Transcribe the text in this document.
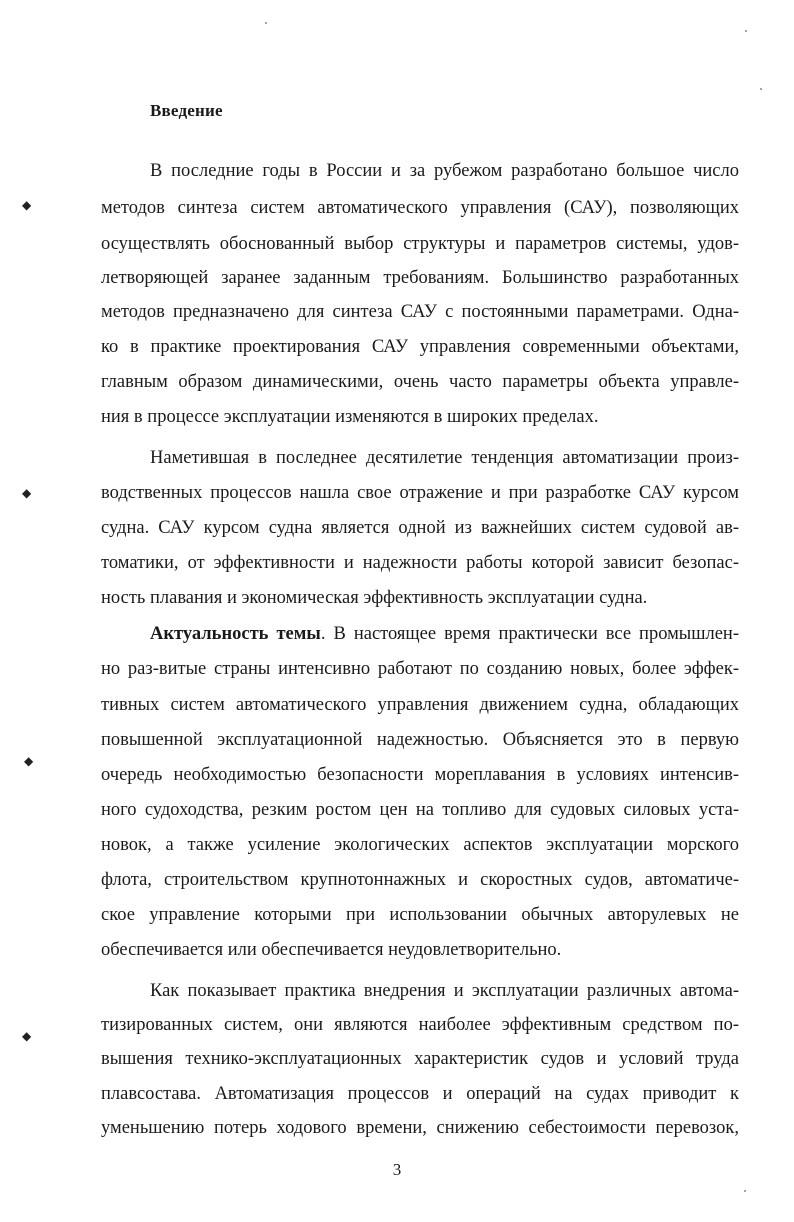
◆
◆
◆
◆
Введение
В последние годы в России и за рубежом разработано большое число
методов синтеза систем автоматического управления (САУ), позволяющих
осуществлять обоснованный выбор структуры и параметров системы, удов-
летворяющей заранее заданным требованиям. Большинство разработанных
методов предназначено для синтеза САУ с постоянными параметрами. Одна-
ко в практике проектирования САУ управления современными объектами,
главным образом динамическими, очень часто параметры объекта управле-
ния в процессе эксплуатации изменяются в широких пределах.
Наметившая в последнее десятилетие тенденция автоматизации произ-
водственных процессов нашла свое отражение и при разработке САУ курсом
судна. САУ курсом судна является одной из важнейших систем судовой ав-
томатики, от эффективности и надежности работы которой зависит безопас-
ность плавания и экономическая эффективность эксплуатации судна.
Актуальность темы. В настоящее время практически все промышлен-
но раз-витые страны интенсивно работают по созданию новых, более эффек-
тивных систем автоматического управления движением судна, обладающих
повышенной эксплуатационной надежностью. Объясняется это в первую
очередь необходимостью безопасности мореплавания в условиях интенсив-
ного судоходства, резким ростом цен на топливо для судовых силовых уста-
новок, а также усиление экологических аспектов эксплуатации морского
флота, строительством крупнотоннажных и скоростных судов, автоматиче-
ское управление которыми при использовании обычных авторулевых не
обеспечивается или обеспечивается неудовлетворительно.
Как показывает практика внедрения и эксплуатации различных автома-
тизированных систем, они являются наиболее эффективным средством по-
вышения технико-эксплуатационных характеристик судов и условий труда
плавсостава. Автоматизация процессов и операций на судах приводит к
уменьшению потерь ходового времени, снижению себестоимости перевозок,
3
